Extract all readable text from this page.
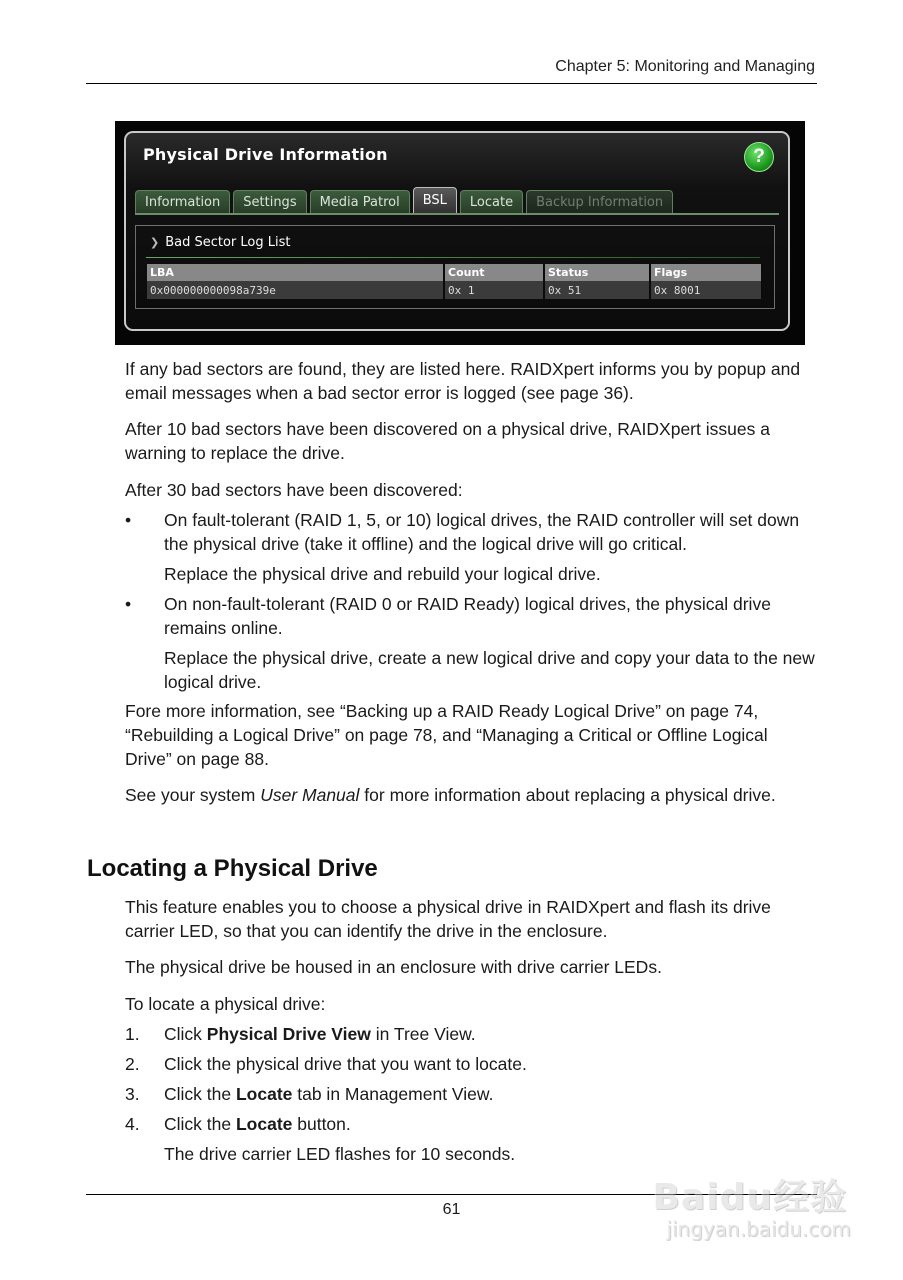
Chapter 5: Monitoring and Managing
Physical Drive Information	?
Information	Settings	Media Patrol	BSL	Locate	Backup Information
❯ Bad Sector Log List
LBA	Count	Status	Flags
0x000000000098a739e	0x 1	0x 51	0x 8001
If any bad sectors are found, they are listed here. RAIDXpert informs you by popup and email messages when a bad sector error is logged (see page 36).
After 10 bad sectors have been discovered on a physical drive, RAIDXpert issues a warning to replace the drive.
After 30 bad sectors have been discovered:
• On fault-tolerant (RAID 1, 5, or 10) logical drives, the RAID controller will set down the physical drive (take it offline) and the logical drive will go critical.
Replace the physical drive and rebuild your logical drive.
• On non-fault-tolerant (RAID 0 or RAID Ready) logical drives, the physical drive remains online.
Replace the physical drive, create a new logical drive and copy your data to the new logical drive.
Fore more information, see “Backing up a RAID Ready Logical Drive” on page 74, “Rebuilding a Logical Drive” on page 78, and “Managing a Critical or Offline Logical Drive” on page 88.
See your system User Manual for more information about replacing a physical drive.
Locating a Physical Drive
This feature enables you to choose a physical drive in RAIDXpert and flash its drive carrier LED, so that you can identify the drive in the enclosure.
The physical drive be housed in an enclosure with drive carrier LEDs.
To locate a physical drive:
1. Click Physical Drive View in Tree View.
2. Click the physical drive that you want to locate.
3. Click the Locate tab in Management View.
4. Click the Locate button.
The drive carrier LED flashes for 10 seconds.
61	Baidu经验
jingyan.baidu.com
